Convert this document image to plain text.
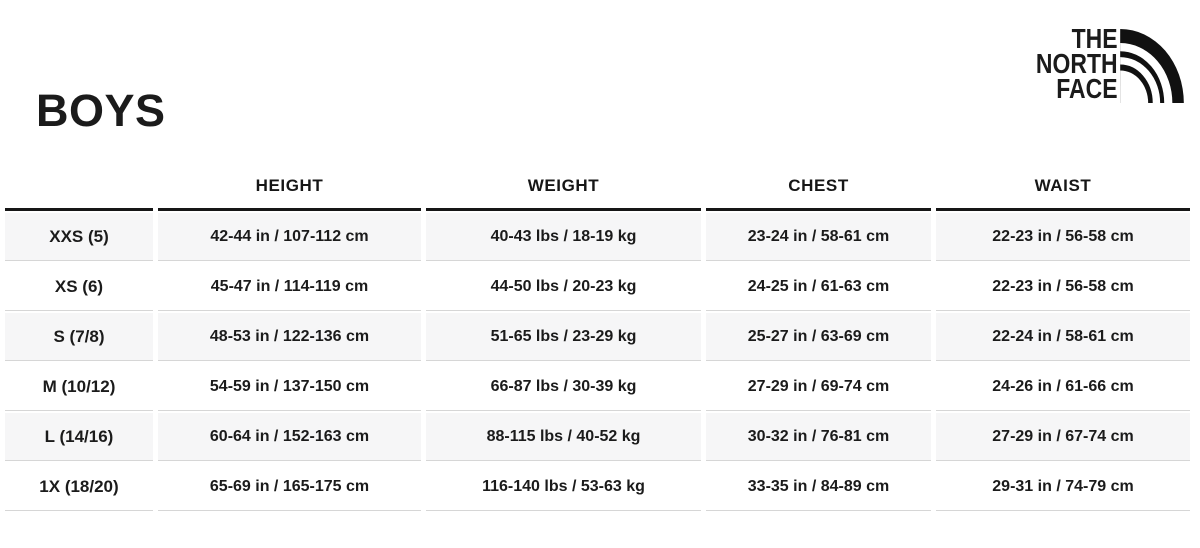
BOYS
THE
NORTH
FACE
	HEIGHT	WEIGHT	CHEST	WAIST
XXS (5)	42-44 in / 107-112 cm	40-43 lbs / 18-19 kg	23-24 in / 58-61 cm	22-23 in / 56-58 cm
XS (6)	45-47 in / 114-119 cm	44-50 lbs / 20-23 kg	24-25 in / 61-63 cm	22-23 in / 56-58 cm
S (7/8)	48-53 in / 122-136 cm	51-65 lbs / 23-29 kg	25-27 in / 63-69 cm	22-24 in / 58-61 cm
M (10/12)	54-59 in / 137-150 cm	66-87 lbs / 30-39 kg	27-29 in / 69-74 cm	24-26 in / 61-66 cm
L (14/16)	60-64 in / 152-163 cm	88-115 lbs / 40-52 kg	30-32 in / 76-81 cm	27-29 in / 67-74 cm
1X (18/20)	65-69 in / 165-175 cm	116-140 lbs / 53-63 kg	33-35 in / 84-89 cm	29-31 in / 74-79 cm
